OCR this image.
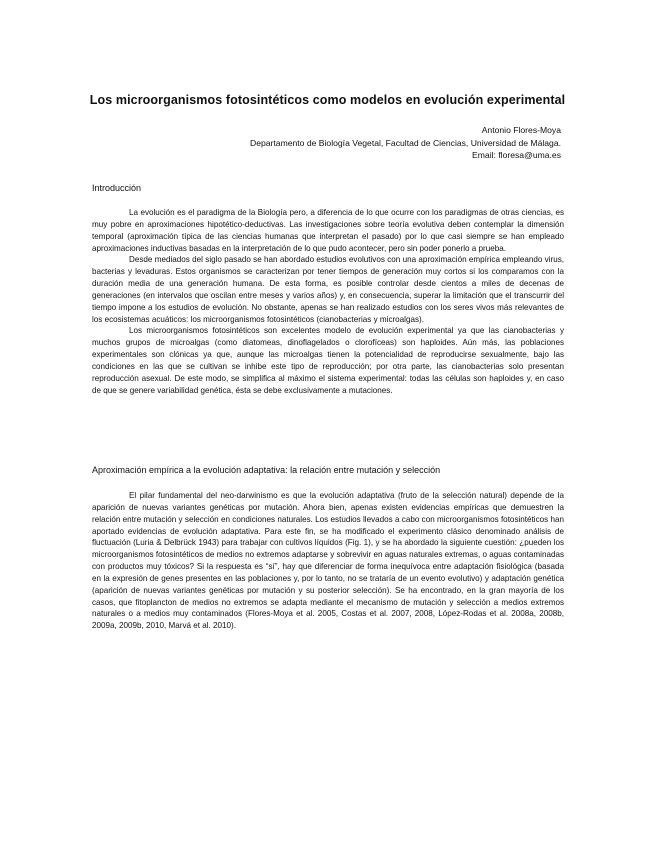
Los microorganismos fotosintéticos como modelos en evolución experimental
Antonio Flores-Moya
Departamento de Biología Vegetal, Facultad de Ciencias, Universidad de Málaga.
Email: floresa@uma.es
Introducción

La evolución es el paradigma de la Biología pero, a diferencia de lo que ocurre con los paradigmas de otras ciencias, es muy pobre en aproximaciones hipotético-deductivas. Las investigaciones sobre teoría evolutiva deben contemplar la dimensión temporal (aproximación típica de las ciencias humanas que interpretan el pasado) por lo que casi siempre se han empleado aproximaciones inductivas basadas en la interpretación de lo que pudo acontecer, pero sin poder ponerlo a prueba.

Desde mediados del siglo pasado se han abordado estudios evolutivos con una aproximación empírica empleando virus, bacterias y levaduras. Estos organismos se caracterizan por tener tiempos de generación muy cortos si los comparamos con la duración media de una generación humana. De esta forma, es posible controlar desde cientos a miles de decenas de generaciones (en intervalos que oscilan entre meses y varios años) y, en consecuencia, superar la limitación que el transcurrir del tiempo impone a los estudios de evolución. No obstante, apenas se han realizado estudios con los seres vivos más relevantes de los ecosistemas acuáticos: los microorganismos fotosintéticos (cianobacterias y microalgas).

Los microorganismos fotosintéticos son excelentes modelo de evolución experimental ya que las cianobacterias y muchos grupos de microalgas (como diatomeas, dinoflagelados o clorofíceas) son haploides. Aún más, las poblaciones experimentales son clónicas ya que, aunque las microalgas tienen la potencialidad de reproducirse sexualmente, bajo las condiciones en las que se cultivan se inhibe este tipo de reproducción; por otra parte, las cianobacterias solo presentan reproducción asexual. De este modo, se simplifica al máximo el sistema experimental: todas las células son haploides y, en caso de que se genere variabilidad genética, ésta se debe exclusivamente a mutaciones.

Aproximación empírica a la evolución adaptativa: la relación entre mutación y selección

El pilar fundamental del neo-darwinismo es que la evolución adaptativa (fruto de la selección natural) depende de la aparición de nuevas variantes genéticas por mutación. Ahora bien, apenas existen evidencias empíricas que demuestren la relación entre mutación y selección en condiciones naturales. Los estudios llevados a cabo con microorganismos fotosintéticos han aportado evidencias de evolución adaptativa. Para este fin, se ha modificado el experimento clásico denominado análisis de fluctuación (Luria & Delbrück 1943) para trabajar con cultivos líquidos (Fig. 1), y se ha abordado la siguiente cuestión: ¿pueden los microorganismos fotosintéticos de medios no extremos adaptarse y sobrevivir en aguas naturales extremas, o aguas contaminadas con productos muy tóxicos? Si la respuesta es “sí”, hay que diferenciar de forma inequívoca entre adaptación fisiológica (basada en la expresión de genes presentes en las poblaciones y, por lo tanto, no se trataría de un evento evolutivo) y adaptación genética (aparición de nuevas variantes genéticas por mutación y su posterior selección). Se ha encontrado, en la gran mayoría de los casos, que fitoplancton de medios no extremos se adapta mediante el mecanismo de mutación y selección a medios extremos naturales o a medios muy contaminados (Flores-Moya et al. 2005, Costas et al. 2007, 2008, López-Rodas et al. 2008a, 2008b, 2009a, 2009b, 2010, Marvá et al. 2010).
